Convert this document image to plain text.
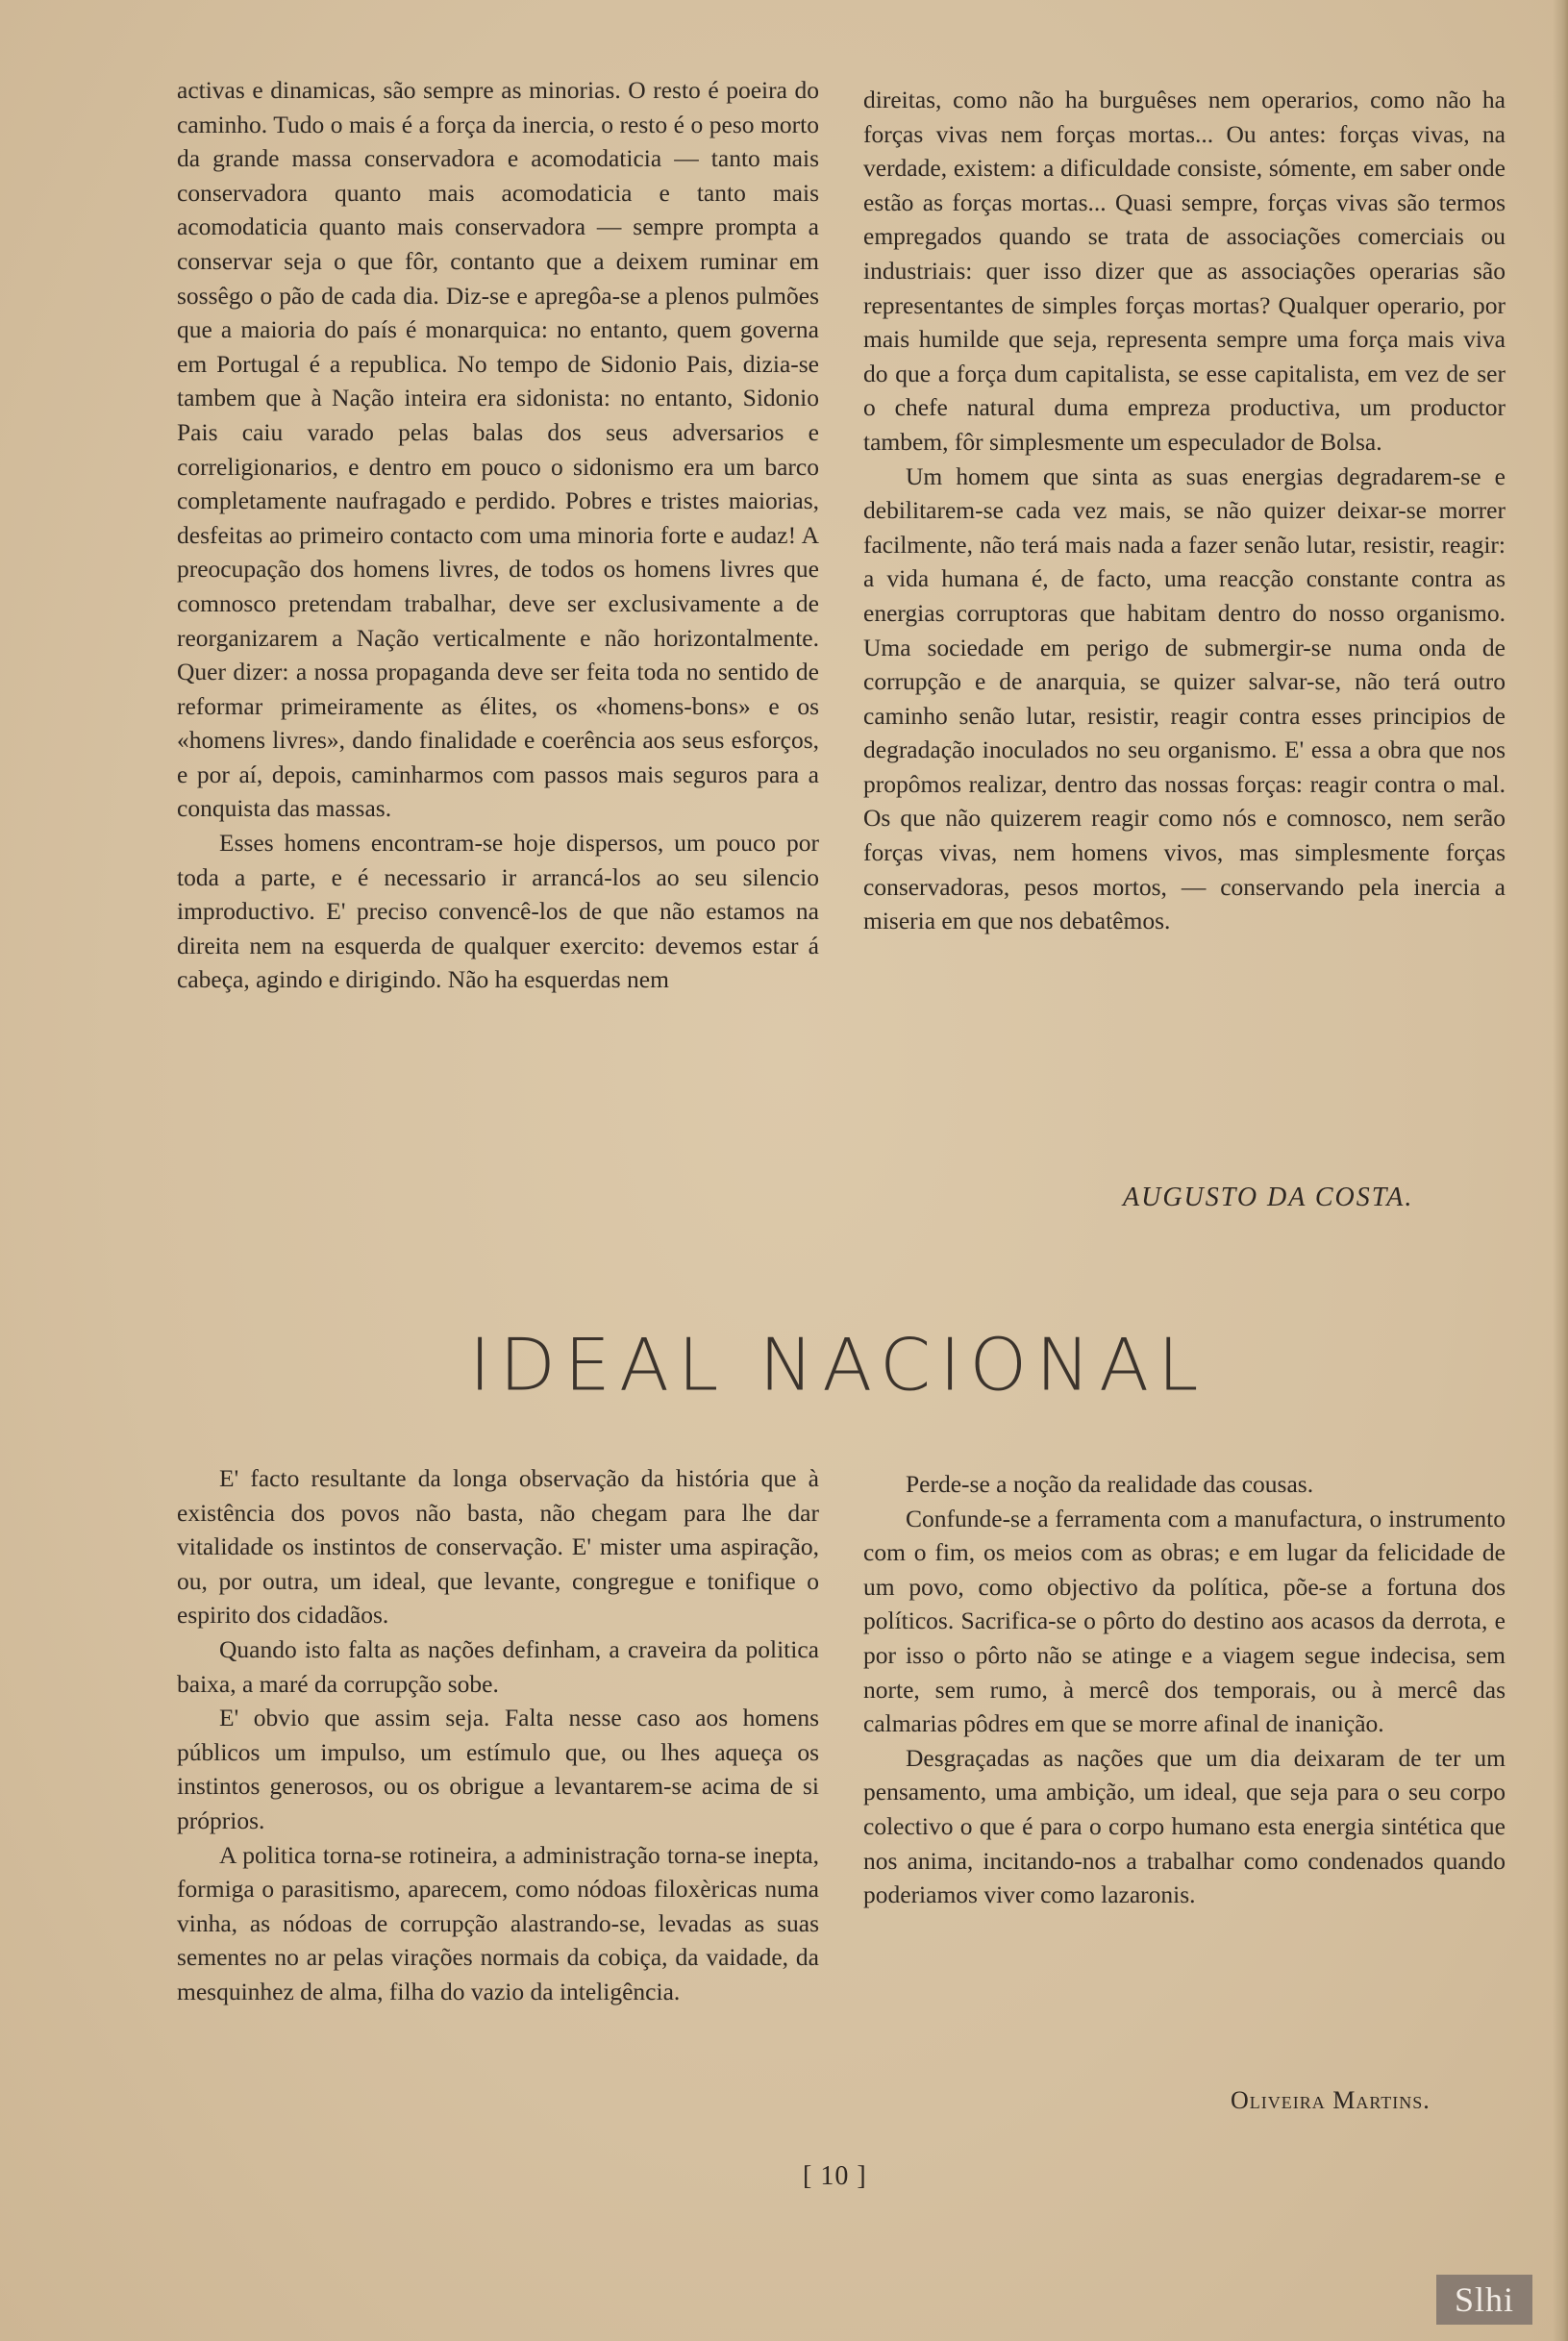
activas e dinamicas, são sempre as minorias. O resto é poeira do caminho. Tudo o mais é a força da inercia, o resto é o peso morto da grande massa conservadora e acomodaticia — tanto mais conservadora quanto mais acomodaticia e tanto mais acomodaticia quanto mais conservadora — sempre prompta a conservar seja o que fôr, contanto que a deixem ruminar em sossêgo o pão de cada dia. Diz-se e apregôa-se a plenos pulmões que a maioria do país é monarquica: no entanto, quem governa em Portugal é a republica. No tempo de Sidonio Pais, dizia-se tambem que à Nação inteira era sidonista: no entanto, Sidonio Pais caiu varado pelas balas dos seus adversarios e correligionarios, e dentro em pouco o sidonismo era um barco completamente naufragado e perdido. Pobres e tristes maiorias, desfeitas ao primeiro contacto com uma minoria forte e audaz! A preocupação dos homens livres, de todos os homens livres que comnosco pretendam trabalhar, deve ser exclusivamente a de reorganizarem a Nação verticalmente e não horizontalmente. Quer dizer: a nossa propaganda deve ser feita toda no sentido de reformar primeiramente as élites, os «homens-bons» e os «homens livres», dando finalidade e coerência aos seus esforços, e por aí, depois, caminharmos com passos mais seguros para a conquista das massas.

Esses homens encontram-se hoje dispersos, um pouco por toda a parte, e é necessario ir arrancá-los ao seu silencio improductivo. E' preciso convencê-los de que não estamos na direita nem na esquerda de qualquer exercito: devemos estar á cabeça, agindo e dirigindo. Não ha esquerdas nem

direitas, como não ha burguêses nem operarios, como não ha forças vivas nem forças mortas... Ou antes: forças vivas, na verdade, existem: a dificuldade consiste, sómente, em saber onde estão as forças mortas... Quasi sempre, forças vivas são termos empregados quando se trata de associações comerciais ou industriais: quer isso dizer que as associações operarias são representantes de simples forças mortas? Qualquer operario, por mais humilde que seja, representa sempre uma força mais viva do que a força dum capitalista, se esse capitalista, em vez de ser o chefe natural duma empreza productiva, um productor tambem, fôr simplesmente um especulador de Bolsa.

Um homem que sinta as suas energias degradarem-se e debilitarem-se cada vez mais, se não quizer deixar-se morrer facilmente, não terá mais nada a fazer senão lutar, resistir, reagir: a vida humana é, de facto, uma reacção constante contra as energias corruptoras que habitam dentro do nosso organismo. Uma sociedade em perigo de submergir-se numa onda de corrupção e de anarquia, se quizer salvar-se, não terá outro caminho senão lutar, resistir, reagir contra esses principios de degradação inoculados no seu organismo. E' essa a obra que nos propômos realizar, dentro das nossas forças: reagir contra o mal. Os que não quizerem reagir como nós e comnosco, nem serão forças vivas, nem homens vivos, mas simplesmente forças conservadoras, pesos mortos, — conservando pela inercia a miseria em que nos debatêmos.

AUGUSTO DA COSTA.
IDEAL NACIONAL

E' facto resultante da longa observação da história que à existência dos povos não basta, não chegam para lhe dar vitalidade os instintos de conservação. E' mister uma aspiração, ou, por outra, um ideal, que levante, congregue e tonifique o espirito dos cidadãos.

Quando isto falta as nações definham, a craveira da politica baixa, a maré da corrupção sobe.

E' obvio que assim seja. Falta nesse caso aos homens públicos um impulso, um estímulo que, ou lhes aqueça os instintos generosos, ou os obrigue a levantarem-se acima de si próprios.

A politica torna-se rotineira, a administração torna-se inepta, formiga o parasitismo, aparecem, como nódoas filoxèricas numa vinha, as nódoas de corrupção alastrando-se, levadas as suas sementes no ar pelas virações normais da cobiça, da vaidade, da mesquinhez de alma, filha do vazio da inteligência.

Perde-se a noção da realidade das cousas.

Confunde-se a ferramenta com a manufactura, o instrumento com o fim, os meios com as obras; e em lugar da felicidade de um povo, como objectivo da política, põe-se a fortuna dos políticos. Sacrifica-se o pôrto do destino aos acasos da derrota, e por isso o pôrto não se atinge e a viagem segue indecisa, sem norte, sem rumo, à mercê dos temporais, ou à mercê das calmarias pôdres em que se morre afinal de inanição.

Desgraçadas as nações que um dia deixaram de ter um pensamento, uma ambição, um ideal, que seja para o seu corpo colectivo o que é para o corpo humano esta energia sintética que nos anima, incitando-nos a trabalhar como condenados quando poderiamos viver como lazaronis.

Oliveira Martins.
[ 10 ]
Slhi
